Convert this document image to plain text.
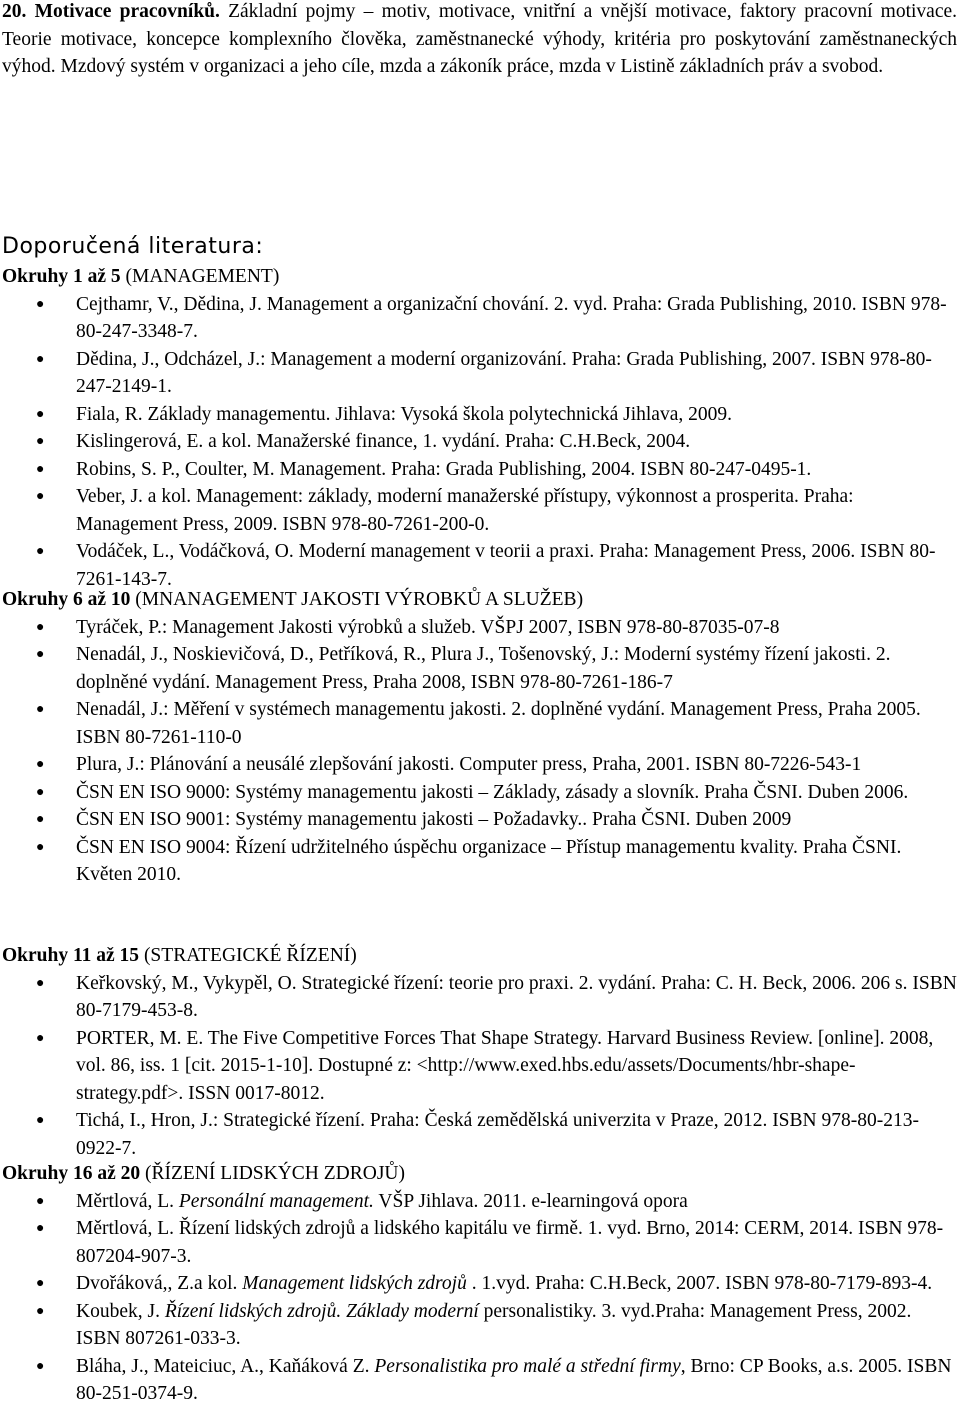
20. Motivace pracovníků. Základní pojmy – motiv, motivace, vnitřní a vnější motivace, faktory pracovní motivace. Teorie motivace, koncepce komplexního člověka, zaměstnanecké výhody, kritéria pro poskytování zaměstnaneckých výhod. Mzdový systém v organizaci a jeho cíle, mzda a zákoník práce, mzda v Listině základních práv a svobod.
Doporučená literatura:
Okruhy 1 až 5 (MANAGEMENT)
● Cejthamr, V., Dědina, J. Management a organizační chování. 2. vyd. Praha: Grada Publishing, 2010. ISBN 978-80-247-3348-7.
● Dědina, J., Odcházel, J.: Management a moderní organizování. Praha: Grada Publishing, 2007. ISBN 978-80-247-2149-1.
● Fiala, R. Základy managementu. Jihlava: Vysoká škola polytechnická Jihlava, 2009.
● Kislingerová, E. a kol. Manažerské finance, 1. vydání. Praha: C.H.Beck, 2004.
● Robins, S. P., Coulter, M. Management. Praha: Grada Publishing, 2004. ISBN 80-247-0495-1.
● Veber, J. a kol. Management: základy, moderní manažerské přístupy, výkonnost a prosperita. Praha: Management Press, 2009. ISBN 978-80-7261-200-0.
● Vodáček, L., Vodáčková, O. Moderní management v teorii a praxi. Praha: Management Press, 2006. ISBN 80-7261-143-7.
Okruhy 6 až 10 (MNANAGEMENT JAKOSTI VÝROBKŮ A SLUŽEB)
● Tyráček, P.: Management Jakosti výrobků a služeb. VŠPJ 2007, ISBN 978-80-87035-07-8
● Nenadál, J., Noskievičová, D., Petříková, R., Plura J., Tošenovský, J.: Moderní systémy řízení jakosti. 2. doplněné vydání. Management Press, Praha 2008, ISBN 978-80-7261-186-7
● Nenadál, J.: Měření v systémech managementu jakosti. 2. doplněné vydání. Management Press, Praha 2005. ISBN 80-7261-110-0
● Plura, J.: Plánování a neusálé zlepšování jakosti. Computer press, Praha, 2001. ISBN 80-7226-543-1
● ČSN EN ISO 9000: Systémy managementu jakosti – Základy, zásady a slovník. Praha ČSNI. Duben 2006.
● ČSN EN ISO 9001: Systémy managementu jakosti – Požadavky.. Praha ČSNI. Duben 2009
● ČSN EN ISO 9004: Řízení udržitelného úspěchu organizace – Přístup managementu kvality. Praha ČSNI. Květen 2010.
Okruhy 11 až 15 (STRATEGICKÉ ŘÍZENÍ)
● Keřkovský, M., Vykypěl, O. Strategické řízení: teorie pro praxi. 2. vydání. Praha: C. H. Beck, 2006. 206 s. ISBN 80-7179-453-8.
● PORTER, M. E. The Five Competitive Forces That Shape Strategy. Harvard Business Review. [online]. 2008, vol. 86, iss. 1 [cit. 2015-1-10]. Dostupné z: <http://www.exed.hbs.edu/assets/Documents/hbr-shape-strategy.pdf>. ISSN 0017-8012.
● Tichá, I., Hron, J.: Strategické řízení. Praha: Česká zemědělská univerzita v Praze, 2012. ISBN 978-80-213-0922-7.
Okruhy 16 až 20 (ŘÍZENÍ LIDSKÝCH ZDROJŮ)
● Měrtlová, L. Personální management. VŠP Jihlava. 2011. e-learningová opora
● Měrtlová, L. Řízení lidských zdrojů a lidského kapitálu ve firmě. 1. vyd. Brno, 2014: CERM, 2014. ISBN 978-807204-907-3.
● Dvořáková,, Z.a kol. Management lidských zdrojů . 1.vyd. Praha: C.H.Beck, 2007. ISBN 978-80-7179-893-4.
● Koubek, J. Řízení lidských zdrojů. Základy moderní personalistiky. 3. vyd.Praha: Management Press, 2002. ISBN 807261-033-3.
● Bláha, J., Mateiciuc, A., Kaňáková Z. Personalistika pro malé a střední firmy, Brno: CP Books, a.s. 2005. ISBN 80-251-0374-9.
